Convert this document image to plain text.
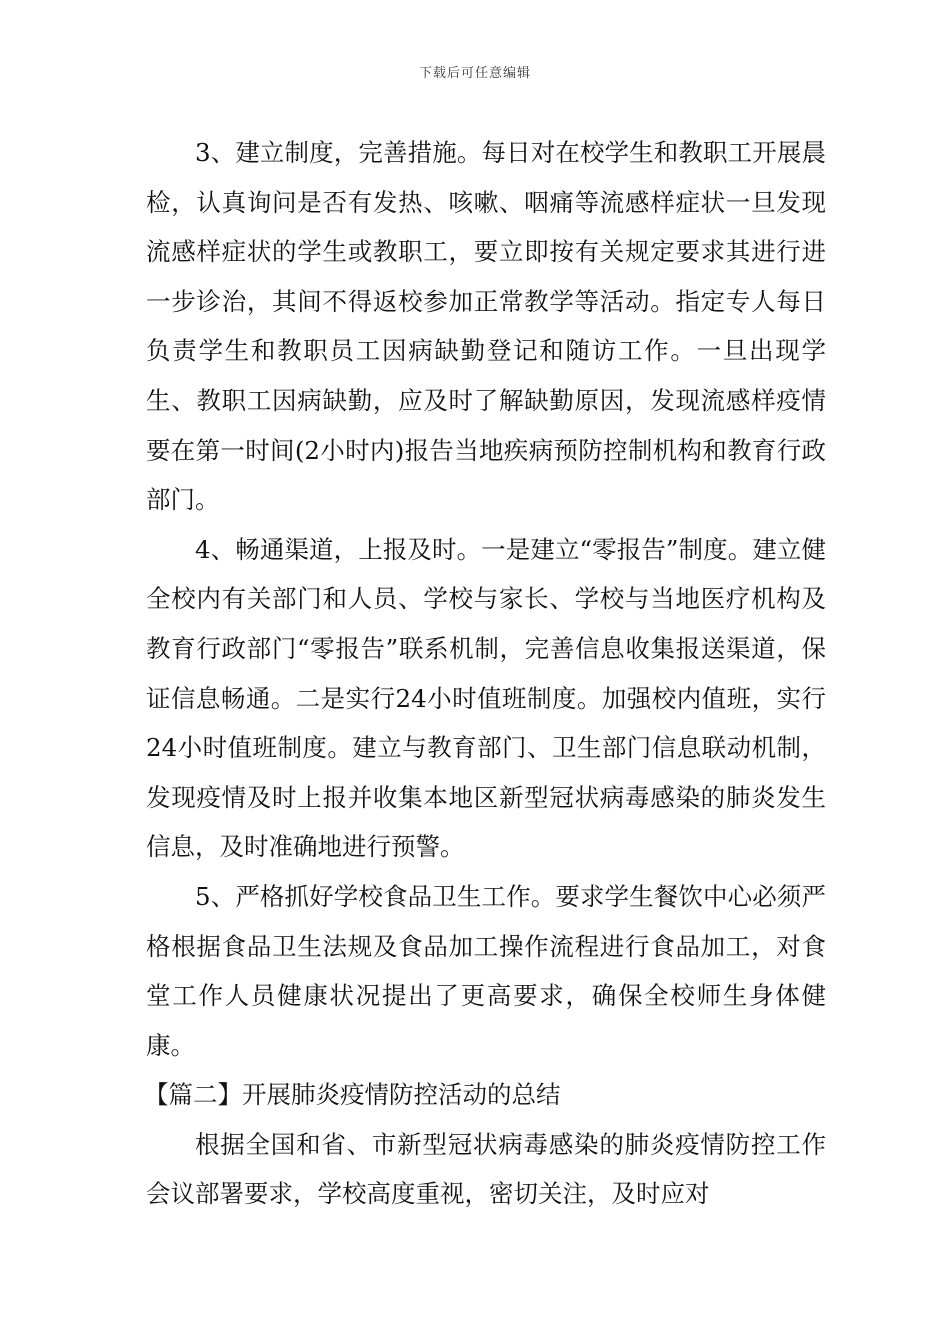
下载后可任意编辑

3、建立制度，完善措施。每日对在校学生和教职工开展晨检，认真询问是否有发热、咳嗽、咽痛等流感样症状一旦发现流感样症状的学生或教职工，要立即按有关规定要求其进行进一步诊治，其间不得返校参加正常教学等活动。指定专人每日负责学生和教职员工因病缺勤登记和随访工作。一旦出现学生、教职工因病缺勤，应及时了解缺勤原因，发现流感样疫情要在第一时间(2小时内)报告当地疾病预防控制机构和教育行政部门。

4、畅通渠道，上报及时。一是建立“零报告”制度。建立健全校内有关部门和人员、学校与家长、学校与当地医疗机构及教育行政部门“零报告”联系机制，完善信息收集报送渠道，保证信息畅通。二是实行24小时值班制度。加强校内值班，实行24小时值班制度。建立与教育部门、卫生部门信息联动机制，发现疫情及时上报并收集本地区新型冠状病毒感染的肺炎发生信息，及时准确地进行预警。

5、严格抓好学校食品卫生工作。要求学生餐饮中心必须严格根据食品卫生法规及食品加工操作流程进行食品加工，对食堂工作人员健康状况提出了更高要求，确保全校师生身体健康。

【篇二】开展肺炎疫情防控活动的总结

根据全国和省、市新型冠状病毒感染的肺炎疫情防控工作会议部署要求，学校高度重视，密切关注，及时应对
